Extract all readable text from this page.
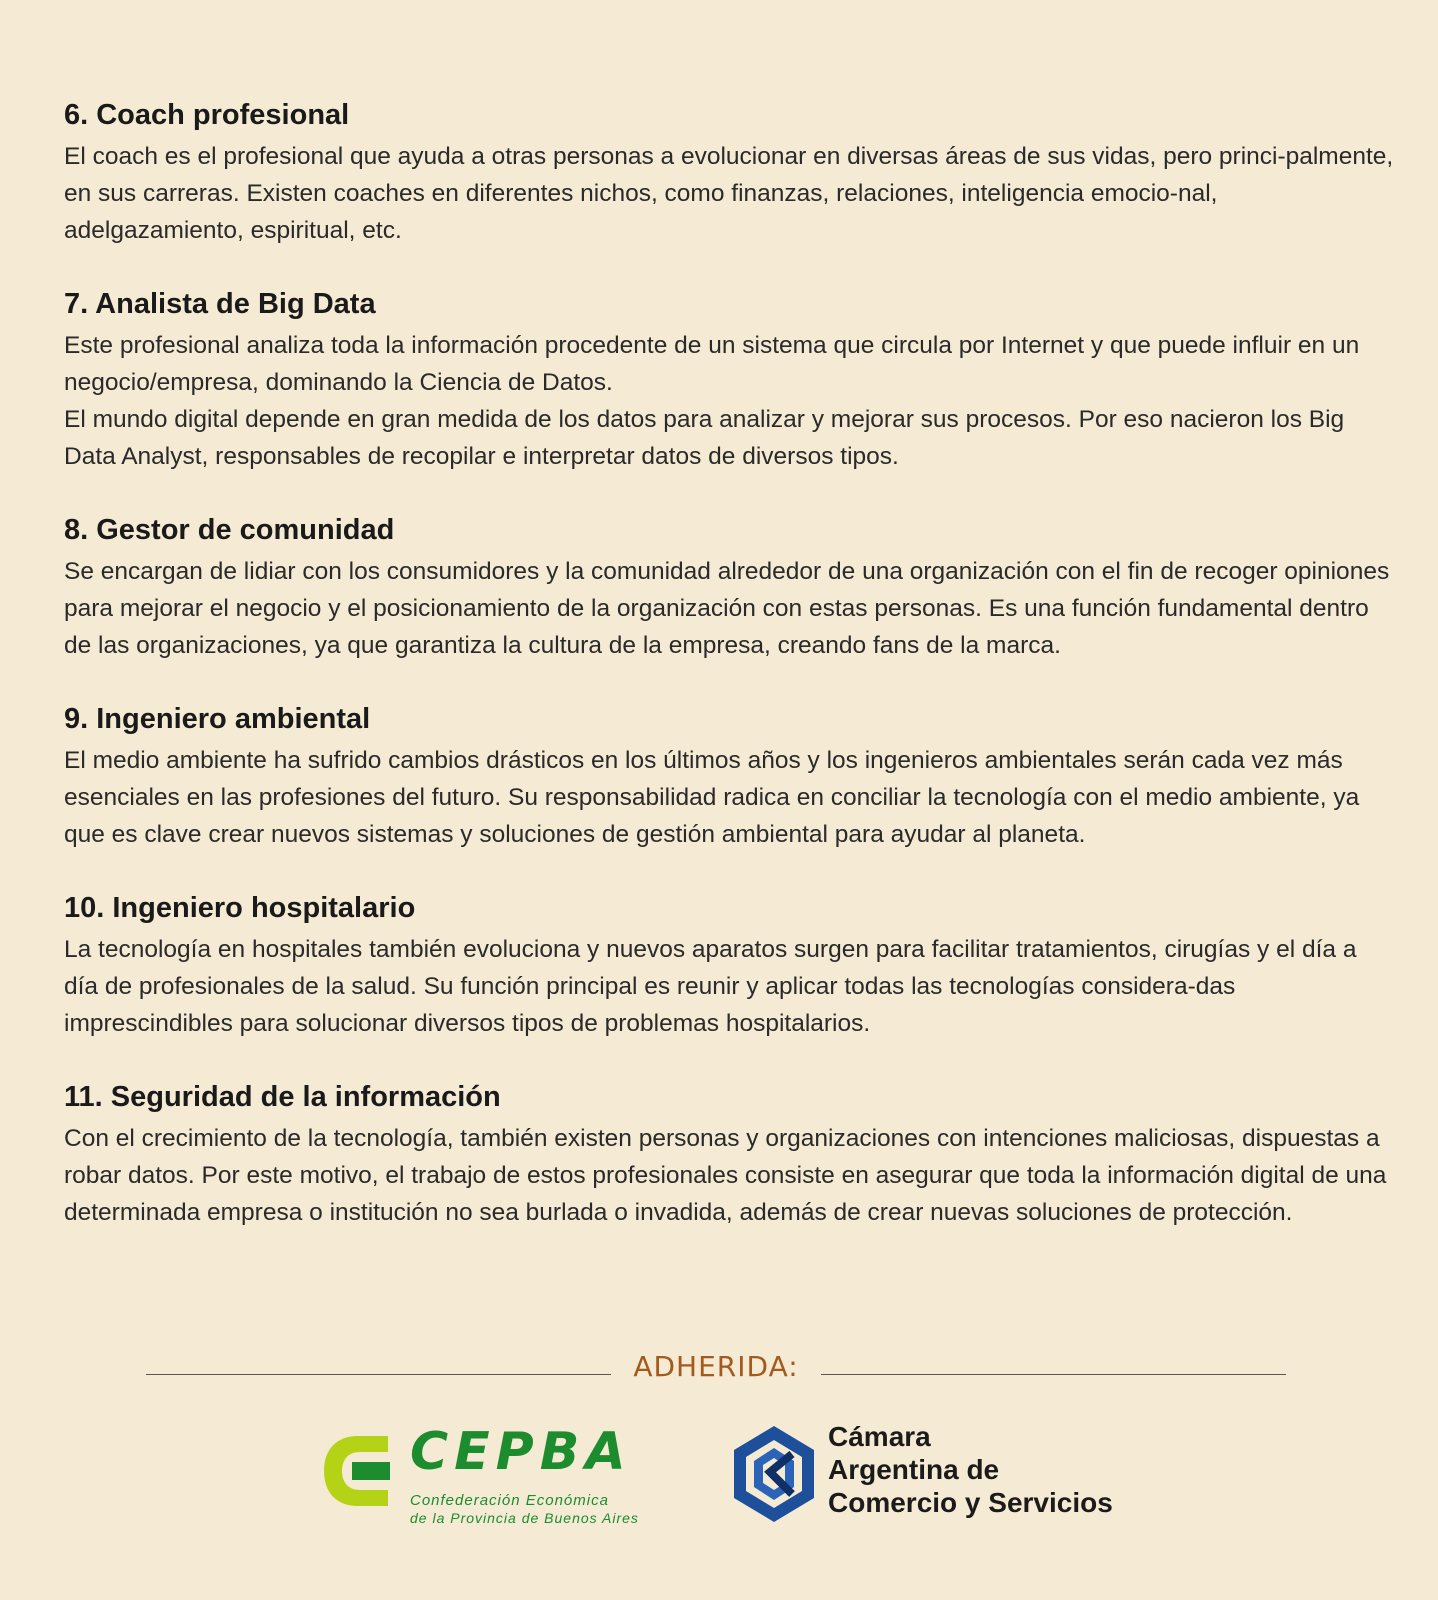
6. Coach profesional

El coach es el profesional que ayuda a otras personas a evolucionar en diversas áreas de sus vidas, pero princi-palmente, en sus carreras. Existen coaches en diferentes nichos, como finanzas, relaciones, inteligencia emocio-nal, adelgazamiento, espiritual, etc.

7. Analista de Big Data

Este profesional analiza toda la información procedente de un sistema que circula por Internet y que puede influir en un negocio/empresa, dominando la Ciencia de Datos.
El mundo digital depende en gran medida de los datos para analizar y mejorar sus procesos. Por eso nacieron los Big Data Analyst, responsables de recopilar e interpretar datos de diversos tipos.

8. Gestor de comunidad

Se encargan de lidiar con los consumidores y la comunidad alrededor de una organización con el fin de recoger opiniones para mejorar el negocio y el posicionamiento de la organización con estas personas. Es una función fundamental dentro de las organizaciones, ya que garantiza la cultura de la empresa, creando fans de la marca.

9. Ingeniero ambiental

El medio ambiente ha sufrido cambios drásticos en los últimos años y los ingenieros ambientales serán cada vez más esenciales en las profesiones del futuro. Su responsabilidad radica en conciliar la tecnología con el medio ambiente, ya que es clave crear nuevos sistemas y soluciones de gestión ambiental para ayudar al planeta.

10. Ingeniero hospitalario

La tecnología en hospitales también evoluciona y nuevos aparatos surgen para facilitar tratamientos, cirugías y el día a día de profesionales de la salud. Su función principal es reunir y aplicar todas las tecnologías considera-das imprescindibles para solucionar diversos tipos de problemas hospitalarios.

11. Seguridad de la información

Con el crecimiento de la tecnología, también existen personas y organizaciones con intenciones maliciosas, dispuestas a robar datos. Por este motivo, el trabajo de estos profesionales consiste en asegurar que toda la información digital de una determinada empresa o institución no sea burlada o invadida, además de crear nuevas soluciones de protección.

ADHERIDA:
CEPBA
Confederación Económica
de la Provincia de Buenos Aires
Cámara
Argentina de
Comercio y Servicios
